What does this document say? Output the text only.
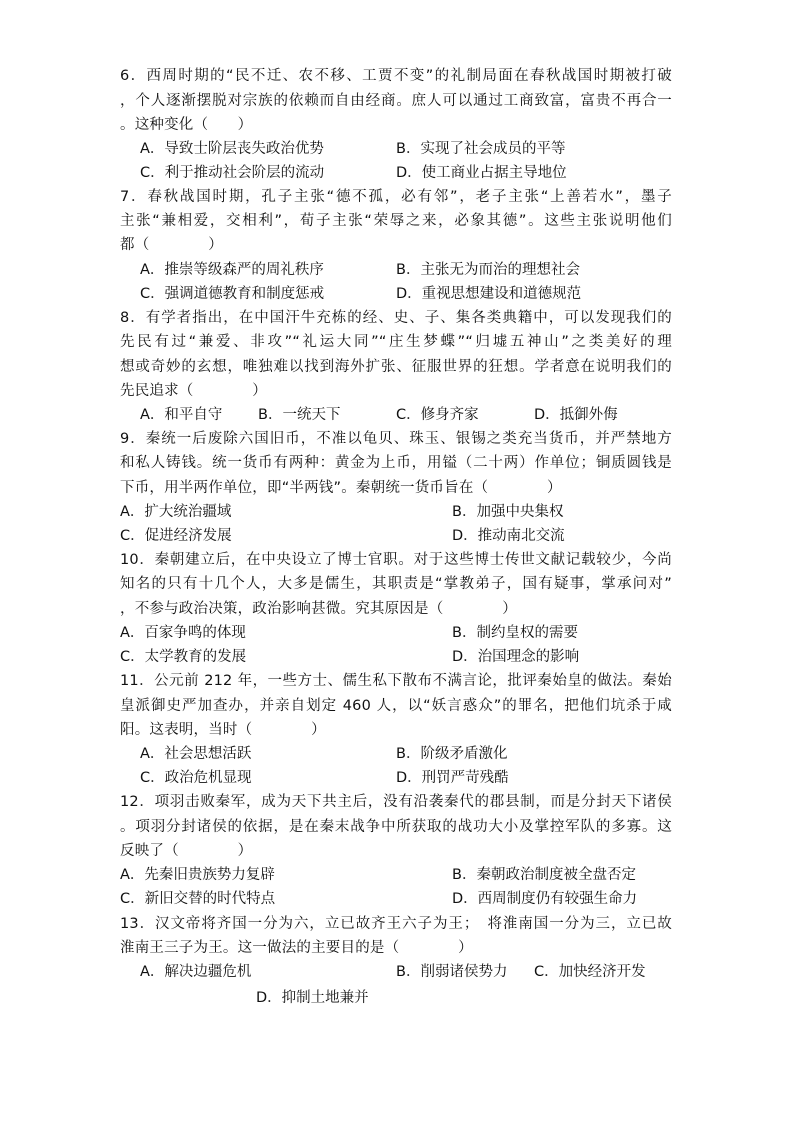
6．西周时期的“民不迁、农不移、工贾不变”的礼制局面在春秋战国时期被打破
，个人逐渐摆脱对宗族的依赖而自由经商。庶人可以通过工商致富，富贵不再合一
。这种变化（　　）
A．导致士阶层丧失政治优势	B．实现了社会成员的平等
C．利于推动社会阶层的流动	D．使工商业占据主导地位
7．春秋战国时期，孔子主张“德不孤，必有邻”，老子主张“上善若水”，墨子
主张“兼相爱，交相利”，荀子主张“荣辱之来，必象其德”。这些主张说明他们
都（　　　　）
A．推崇等级森严的周礼秩序	B．主张无为而治的理想社会
C．强调道德教育和制度惩戒	D．重视思想建设和道德规范
8．有学者指出，在中国汗牛充栋的经、史、子、集各类典籍中，可以发现我们的
先民有过“兼爱、非攻”“礼运大同”“庄生梦蝶”“归墟五神山”之类美好的理
想或奇妙的玄想，唯独难以找到海外扩张、征服世界的狂想。学者意在说明我们的
先民追求（　　　　）
A．和平自守 B．一统天下	C．修身齐家	D．抵御外侮
9．秦统一后废除六国旧币，不准以龟贝、珠玉、银锡之类充当货币，并严禁地方
和私人铸钱。统一货币有两种：黄金为上币，用镒（二十两）作单位；铜质圆钱是
下币，用半两作单位，即“半两钱”。秦朝统一货币旨在（　　　　）
A．扩大统治疆域	B．加强中央集权
C．促进经济发展	D．推动南北交流
10．秦朝建立后，在中央设立了博士官职。对于这些博士传世文献记载较少，今尚
知名的只有十几个人，大多是儒生，其职责是“掌教弟子，国有疑事，掌承问对”
，不参与政治决策，政治影响甚微。究其原因是（　　　　）
A．百家争鸣的体现	B．制约皇权的需要
C．太学教育的发展	D．治国理念的影响
11．公元前 212 年，一些方士、儒生私下散布不满言论，批评秦始皇的做法。秦始
皇派御史严加查办，并亲自划定 460 人，以“妖言惑众”的罪名，把他们坑杀于咸
阳。这表明，当时（　　　　）
A．社会思想活跃	B．阶级矛盾激化
C．政治危机显现	D．刑罚严苛残酷
12．项羽击败秦军，成为天下共主后，没有沿袭秦代的郡县制，而是分封天下诸侯
。项羽分封诸侯的依据，是在秦末战争中所获取的战功大小及掌控军队的多寡。这
反映了（　　　　）
A．先秦旧贵族势力复辟	B．秦朝政治制度被全盘否定
C．新旧交替的时代特点	D．西周制度仍有较强生命力
13．汉文帝将齐国一分为六，立已故齐王六子为王；　将淮南国一分为三，立已故
淮南王三子为王。这一做法的主要目的是（　　　　）
A．解决边疆危机	B．削弱诸侯势力 C．加快经济开发
D．抑制土地兼并
